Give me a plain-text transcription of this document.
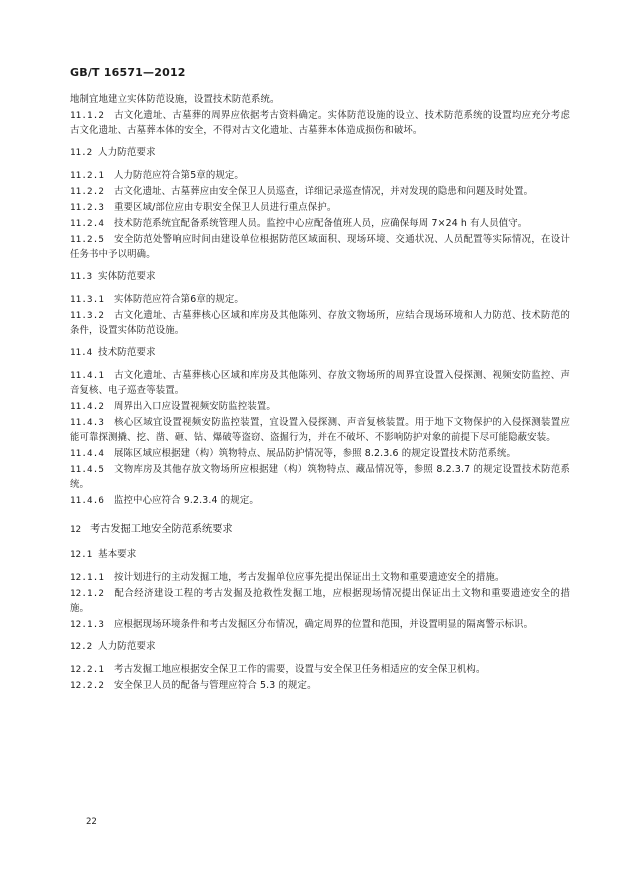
GB/T 16571—2012
地制宜地建立实体防范设施，设置技术防范系统。
11.1.2 古文化遗址、古墓葬的周界应依据考古资料确定。实体防范设施的设立、技术防范系统的设置均应充分考虑古文化遗址、古墓葬本体的安全，不得对古文化遗址、古墓葬本体造成损伤和破坏。
11.2 人力防范要求
11.2.1 人力防范应符合第5章的规定。
11.2.2 古文化遗址、古墓葬应由安全保卫人员巡查，详细记录巡查情况，并对发现的隐患和问题及时处置。
11.2.3 重要区域/部位应由专职安全保卫人员进行重点保护。
11.2.4 技术防范系统宜配备系统管理人员。监控中心应配备值班人员，应确保每周 7×24 h 有人员值守。
11.2.5 安全防范处警响应时间由建设单位根据防范区域面积、现场环境、交通状况、人员配置等实际情况，在设计任务书中予以明确。
11.3 实体防范要求
11.3.1 实体防范应符合第6章的规定。
11.3.2 古文化遗址、古墓葬核心区域和库房及其他陈列、存放文物场所，应结合现场环境和人力防范、技术防范的条件，设置实体防范设施。
11.4 技术防范要求
11.4.1 古文化遗址、古墓葬核心区域和库房及其他陈列、存放文物场所的周界宜设置入侵探测、视频安防监控、声音复核、电子巡查等装置。
11.4.2 周界出入口应设置视频安防监控装置。
11.4.3 核心区域宜设置视频安防监控装置，宜设置入侵探测、声音复核装置。用于地下文物保护的入侵探测装置应能可靠探测撬、挖、凿、砸、钻、爆破等盗窃、盗掘行为，并在不破坏、不影响防护对象的前提下尽可能隐蔽安装。
11.4.4 展陈区域应根据建（构）筑物特点、展品防护情况等，参照 8.2.3.6 的规定设置技术防范系统。
11.4.5 文物库房及其他存放文物场所应根据建（构）筑物特点、藏品情况等，参照 8.2.3.7 的规定设置技术防范系统。
11.4.6 监控中心应符合 9.2.3.4 的规定。
12 考古发掘工地安全防范系统要求
12.1 基本要求
12.1.1 按计划进行的主动发掘工地，考古发掘单位应事先提出保证出土文物和重要遗迹安全的措施。
12.1.2 配合经济建设工程的考古发掘及抢救性发掘工地，应根据现场情况提出保证出土文物和重要遗迹安全的措施。
12.1.3 应根据现场环境条件和考古发掘区分布情况，确定周界的位置和范围，并设置明显的隔离警示标识。
12.2 人力防范要求
12.2.1 考古发掘工地应根据安全保卫工作的需要，设置与安全保卫任务相适应的安全保卫机构。
12.2.2 安全保卫人员的配备与管理应符合 5.3 的规定。
22
